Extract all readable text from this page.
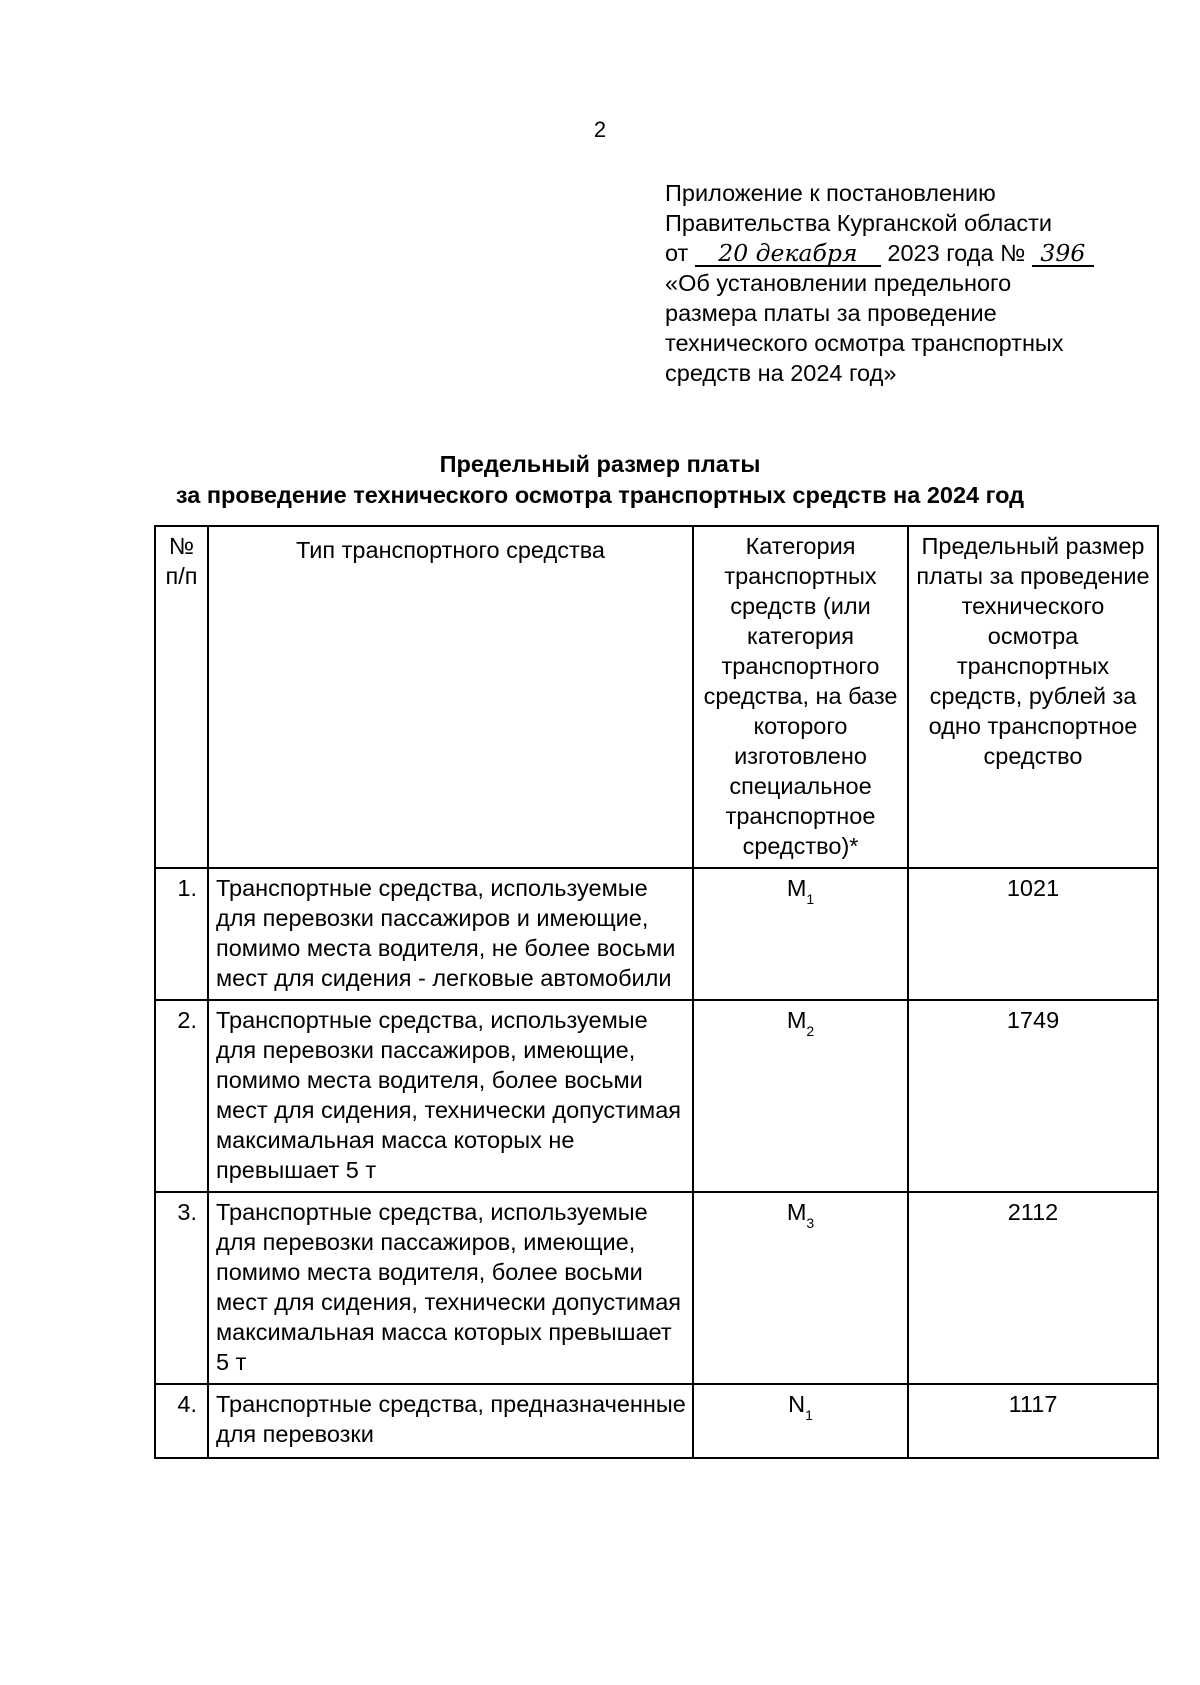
2
Приложение к постановлению
Правительства Курганской области
от 20 декабря 2023 года № 396
«Об установлении предельного
размера платы за проведение
технического осмотра транспортных
средств на 2024 год»
Предельный размер платы
за проведение технического осмотра транспортных средств на 2024 год
№ п/п	Тип транспортного средства	Категория транспортных средств (или категория транспортного средства, на базе которого изготовлено специальное транспортное средство)*	Предельный размер платы за проведение технического осмотра транспортных средств, рублей за одно транспортное средство
1.	Транспортные средства, используемые для перевозки пассажиров и имеющие, помимо места водителя, не более восьми мест для сидения - легковые автомобили	$M_1$	1021
2.	Транспортные средства, используемые для перевозки пассажиров, имеющие, помимо места водителя, более восьми мест для сидения, технически допустимая максимальная масса которых не превышает 5 т	$M_2$	1749
3.	Транспортные средства, используемые для перевозки пассажиров, имеющие, помимо места водителя, более восьми мест для сидения, технически допустимая максимальная масса которых превышает 5 т	$M_3$	2112
4.	Транспортные средства, предназначенные для перевозки	$N_1$	1117
